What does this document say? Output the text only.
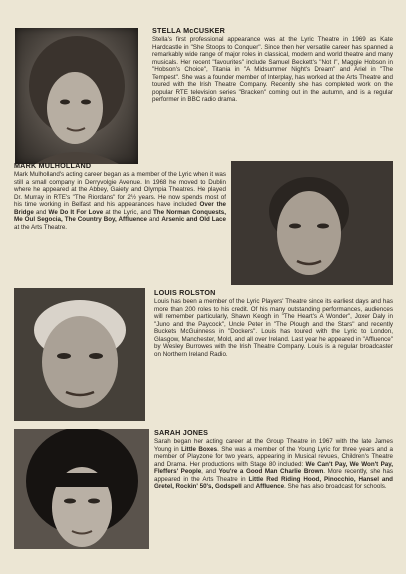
STELLA McCUSKER

Stella's first professional appearance was at the Lyric Theatre in 1969 as Kate Hardcastle in "She Stoops to Conquer". Since then her versatile career has spanned a remarkably wide range of major roles in classical, modern and world theatre and many musicals. Her recent "favourites" include Samuel Beckett's "Not I", Maggie Hobson in "Hobson's Choice", Titania in "A Midsummer Night's Dream" and Ariel in "The Tempest". She was a founder member of Interplay, has worked at the Arts Theatre and toured with the Irish Theatre Company. Recently she has completed work on the popular RTE television series "Bracken" coming out in the autumn, and is a regular performer in BBC radio drama.

MARK MULHOLLAND

Mark Mulholland's acting career began as a member of the Lyric when it was still a small company in Derryvolgie Avenue. In 1968 he moved to Dublin where he appeared at the Abbey, Gaiety and Olympia Theatres. He played Dr. Murray in RTE's "The Riordans" for 2½ years. He now spends most of his time working in Belfast and his appearances have included Over the Bridge and We Do It For Love at the Lyric, and The Norman Conquests, Me Oul Segocia, The Country Boy, Affluence and Arsenic and Old Lace at the Arts Theatre.

LOUIS ROLSTON

Louis has been a member of the Lyric Players' Theatre since its earliest days and has more than 200 roles to his credit. Of his many outstanding performances, audiences will remember particularly, Shawn Keogh in "The Heart's A Wonder", Joxer Daly in "Juno and the Paycock", Uncle Peter in "The Plough and the Stars" and recently Buckets McGuinness in "Dockers". Louis has toured with the Lyric to London, Glasgow, Manchester, Mold, and all over Ireland. Last year he appeared in "Affluence" by Wesley Burrowes with the Irish Theatre Company. Louis is a regular broadcaster on Northern Ireland Radio.

SARAH JONES

Sarah began her acting career at the Group Theatre in 1967 with the late James Young in Little Boxes. She was a member of the Young Lyric for three years and a member of Playzone for two years, appearing in Musical revues, Children's Theatre and Drama. Her productions with Stage 80 included: We Can't Pay, We Won't Pay, Fleffers' People, and You're a Good Man Charlie Brown. More recently, she has appeared in the Arts Theatre in Little Red Riding Hood, Pinocchio, Hansel and Gretel, Rockin' 50's, Godspell and Affluence. She has also broadcast for schools.
